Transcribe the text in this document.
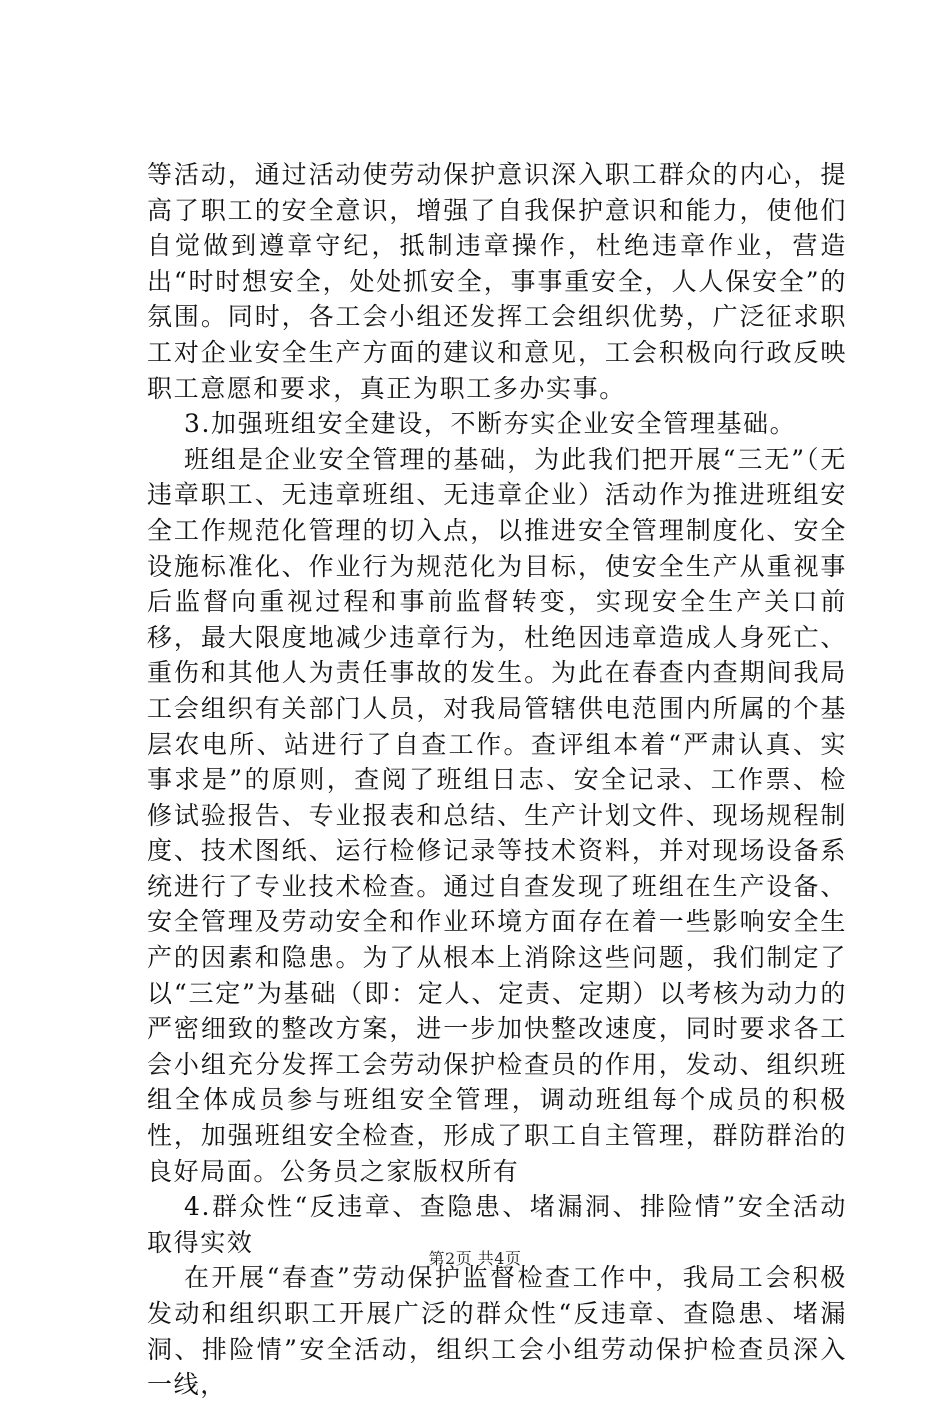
等活动，通过活动使劳动保护意识深入职工群众的内心，提高了职工的安全意识，增强了自我保护意识和能力，使他们自觉做到遵章守纪，抵制违章操作，杜绝违章作业，营造出“时时想安全，处处抓安全，事事重安全，人人保安全”的氛围。同时，各工会小组还发挥工会组织优势，广泛征求职工对企业安全生产方面的建议和意见，工会积极向行政反映职工意愿和要求，真正为职工多办实事。

3.加强班组安全建设，不断夯实企业安全管理基础。

班组是企业安全管理的基础，为此我们把开展“三无”（无违章职工、无违章班组、无违章企业）活动作为推进班组安全工作规范化管理的切入点，以推进安全管理制度化、安全设施标准化、作业行为规范化为目标，使安全生产从重视事后监督向重视过程和事前监督转变，实现安全生产关口前移，最大限度地减少违章行为，杜绝因违章造成人身死亡、重伤和其他人为责任事故的发生。为此在春查内查期间我局工会组织有关部门人员，对我局管辖供电范围内所属的个基层农电所、站进行了自查工作。查评组本着“严肃认真、实事求是”的原则，查阅了班组日志、安全记录、工作票、检修试验报告、专业报表和总结、生产计划文件、现场规程制度、技术图纸、运行检修记录等技术资料，并对现场设备系统进行了专业技术检查。通过自查发现了班组在生产设备、安全管理及劳动安全和作业环境方面存在着一些影响安全生产的因素和隐患。为了从根本上消除这些问题，我们制定了以“三定”为基础（即：定人、定责、定期）以考核为动力的严密细致的整改方案，进一步加快整改速度，同时要求各工会小组充分发挥工会劳动保护检查员的作用，发动、组织班组全体成员参与班组安全管理，调动班组每个成员的积极性，加强班组安全检查，形成了职工自主管理，群防群治的良好局面。公务员之家版权所有

4.群众性“反违章、查隐患、堵漏洞、排险情”安全活动取得实效

在开展“春查”劳动保护监督检查工作中，我局工会积极发动和组织职工开展广泛的群众性“反违章、查隐患、堵漏洞、排险情”安全活动，组织工会小组劳动保护检查员深入一线，

第2页 共4页
